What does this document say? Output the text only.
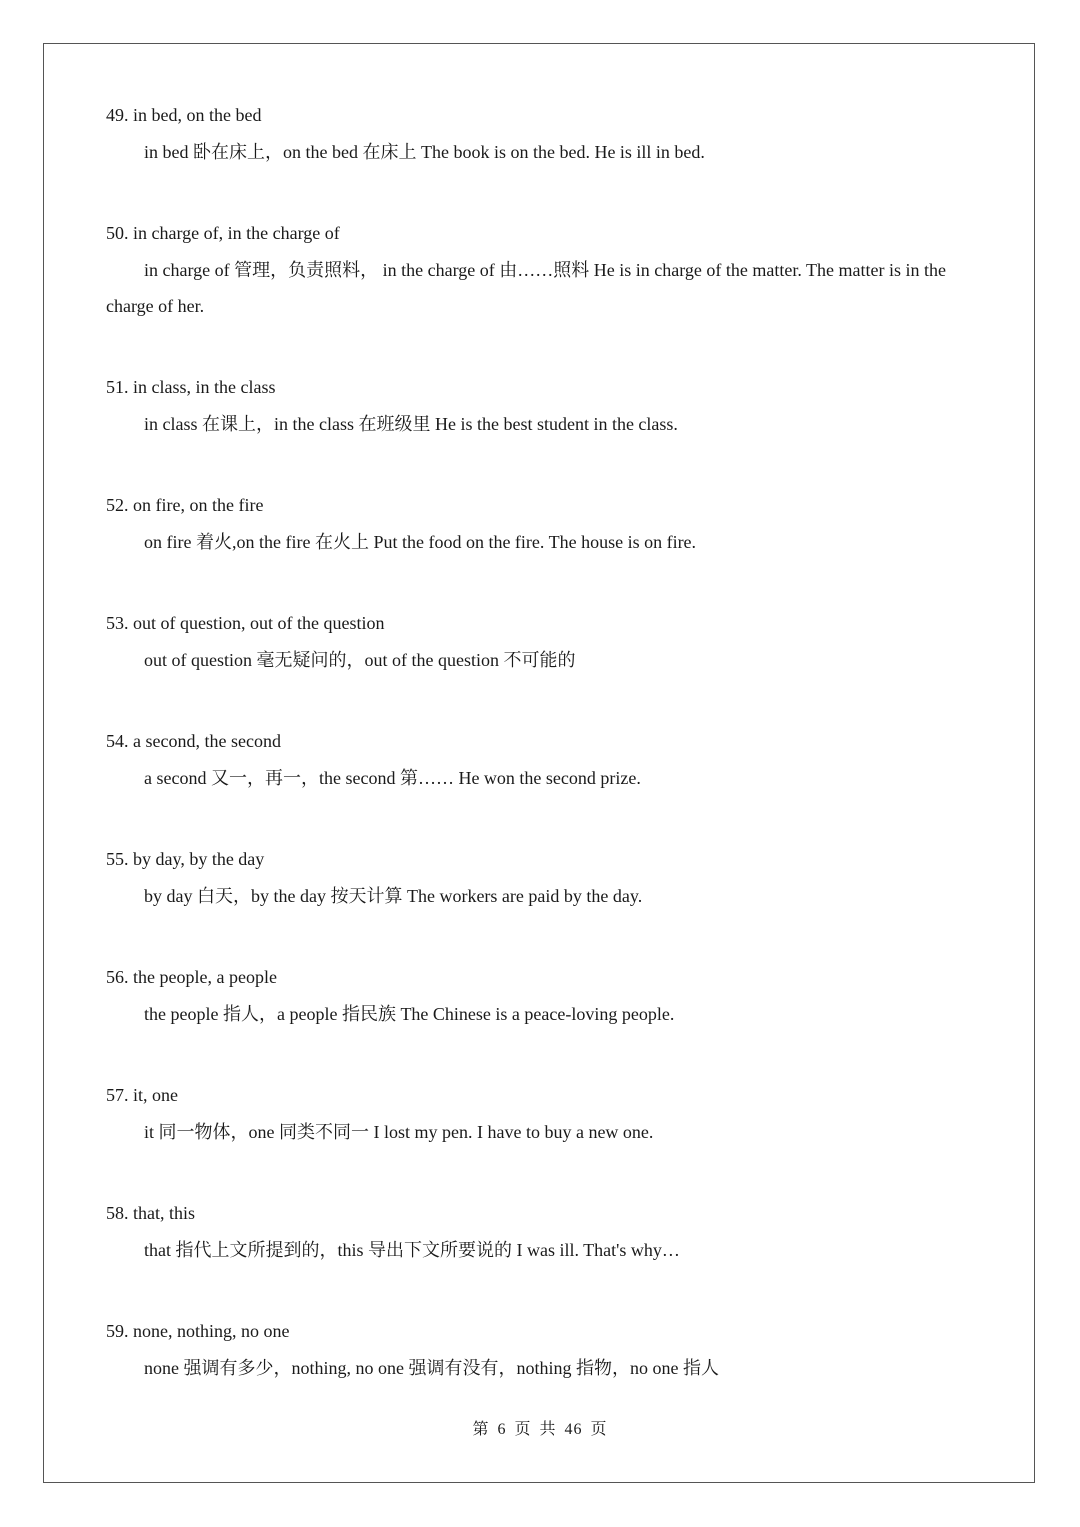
49. in bed, on the bed

in bed 卧在床上，on the bed 在床上 The book is on the bed. He is ill in bed.

50. in charge of, in the charge of

in charge of 管理，负责照料， in the charge of 由……照料 He is in charge of the matter. The matter is in the charge of her.

51. in class, in the class

in class 在课上，in the class 在班级里 He is the best student in the class.

52. on fire, on the fire

on fire 着火,on the fire 在火上 Put the food on the fire. The house is on fire.

53. out of question, out of the question

out of question 毫无疑问的，out of the question 不可能的

54. a second, the second

a second 又一，再一，the second 第…… He won the second prize.

55. by day, by the day

by day 白天，by the day 按天计算 The workers are paid by the day.

56. the people, a people

the people 指人，a people 指民族 The Chinese is a peace-loving people.

57. it, one

it 同一物体，one 同类不同一 I lost my pen. I have to buy a new one.

58. that, this

that 指代上文所提到的，this 导出下文所要说的 I was ill. That's why…

59. none, nothing, no one

none 强调有多少，nothing, no one 强调有没有，nothing 指物，no one 指人

第 6 页 共 46 页
